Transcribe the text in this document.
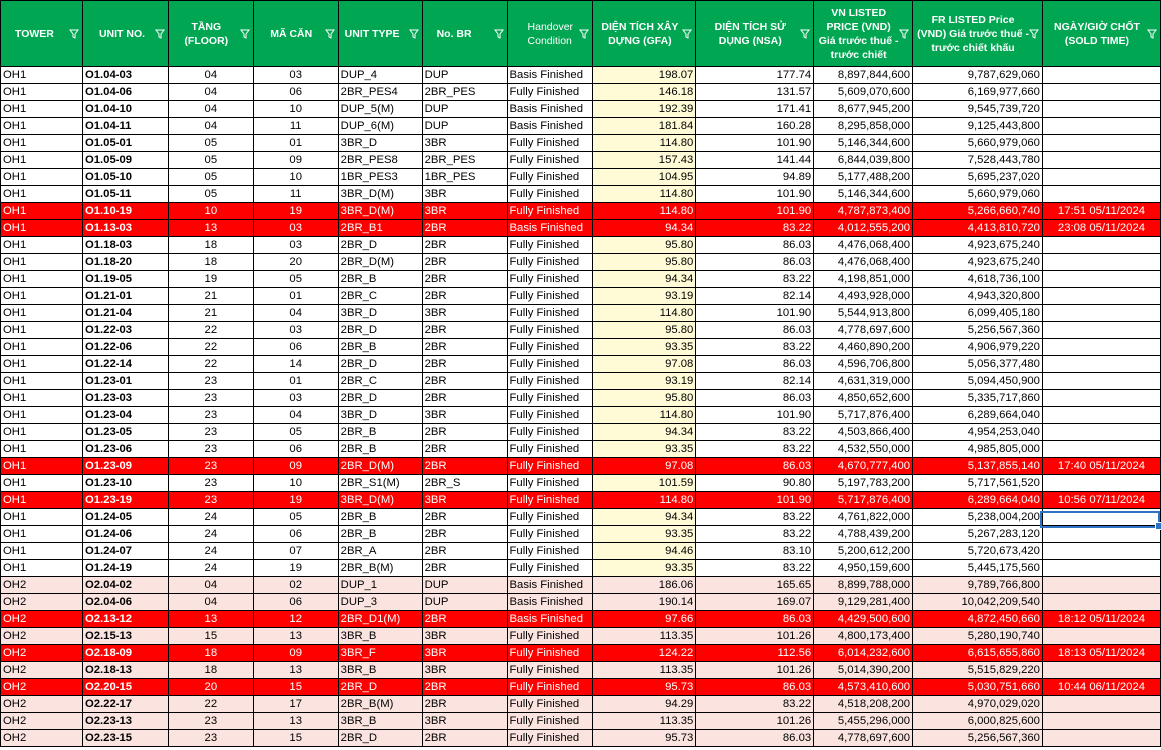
TOWER	UNIT NO.	TẦNG (FLOOR)	MÃ CĂN	UNIT TYPE	No. BR	Handover Condition	DIỆN TÍCH XÂY DỰNG (GFA)	DIỆN TÍCH SỬ DỤNG (NSA)	VN LISTED PRICE (VND) Giá trước thuế - trước chiết	FR LISTED Price (VND) Giá trước thuế - trước chiết khấu	NGÀY/GIỜ CHỐT (SOLD TIME)

OH1	O1.04-03	04	03	DUP_4	DUP	Basis Finished	198.07	177.74	8,897,844,600	9,787,629,060	
OH1	O1.04-06	04	06	2BR_PES4	2BR_PES	Fully Finished	146.18	131.57	5,609,070,600	6,169,977,660	
OH1	O1.04-10	04	10	DUP_5(M)	DUP	Basis Finished	192.39	171.41	8,677,945,200	9,545,739,720	
OH1	O1.04-11	04	11	DUP_6(M)	DUP	Basis Finished	181.84	160.28	8,295,858,000	9,125,443,800	
OH1	O1.05-01	05	01	3BR_D	3BR	Fully Finished	114.80	101.90	5,146,344,600	5,660,979,060	
OH1	O1.05-09	05	09	2BR_PES8	2BR_PES	Fully Finished	157.43	141.44	6,844,039,800	7,528,443,780	
OH1	O1.05-10	05	10	1BR_PES3	1BR_PES	Fully Finished	104.95	94.89	5,177,488,200	5,695,237,020	
OH1	O1.05-11	05	11	3BR_D(M)	3BR	Fully Finished	114.80	101.90	5,146,344,600	5,660,979,060	
OH1	O1.10-19	10	19	3BR_D(M)	3BR	Fully Finished	114.80	101.90	4,787,873,400	5,266,660,740	17:51 05/11/2024
OH1	O1.13-03	13	03	2BR_B1	2BR	Basis Finished	94.34	83.22	4,012,555,200	4,413,810,720	23:08 05/11/2024
OH1	O1.18-03	18	03	2BR_D	2BR	Fully Finished	95.80	86.03	4,476,068,400	4,923,675,240	
OH1	O1.18-20	18	20	2BR_D(M)	2BR	Fully Finished	95.80	86.03	4,476,068,400	4,923,675,240	
OH1	O1.19-05	19	05	2BR_B	2BR	Fully Finished	94.34	83.22	4,198,851,000	4,618,736,100	
OH1	O1.21-01	21	01	2BR_C	2BR	Fully Finished	93.19	82.14	4,493,928,000	4,943,320,800	
OH1	O1.21-04	21	04	3BR_D	3BR	Fully Finished	114.80	101.90	5,544,913,800	6,099,405,180	
OH1	O1.22-03	22	03	2BR_D	2BR	Fully Finished	95.80	86.03	4,778,697,600	5,256,567,360	
OH1	O1.22-06	22	06	2BR_B	2BR	Fully Finished	93.35	83.22	4,460,890,200	4,906,979,220	
OH1	O1.22-14	22	14	2BR_D	2BR	Fully Finished	97.08	86.03	4,596,706,800	5,056,377,480	
OH1	O1.23-01	23	01	2BR_C	2BR	Fully Finished	93.19	82.14	4,631,319,000	5,094,450,900	
OH1	O1.23-03	23	03	2BR_D	2BR	Fully Finished	95.80	86.03	4,850,652,600	5,335,717,860	
OH1	O1.23-04	23	04	3BR_D	3BR	Fully Finished	114.80	101.90	5,717,876,400	6,289,664,040	
OH1	O1.23-05	23	05	2BR_B	2BR	Fully Finished	94.34	83.22	4,503,866,400	4,954,253,040	
OH1	O1.23-06	23	06	2BR_B	2BR	Fully Finished	93.35	83.22	4,532,550,000	4,985,805,000	
OH1	O1.23-09	23	09	2BR_D(M)	2BR	Fully Finished	97.08	86.03	4,670,777,400	5,137,855,140	17:40 05/11/2024
OH1	O1.23-10	23	10	2BR_S1(M)	2BR_S	Fully Finished	101.59	90.80	5,197,783,200	5,717,561,520	
OH1	O1.23-19	23	19	3BR_D(M)	3BR	Fully Finished	114.80	101.90	5,717,876,400	6,289,664,040	10:56 07/11/2024
OH1	O1.24-05	24	05	2BR_B	2BR	Fully Finished	94.34	83.22	4,761,822,000	5,238,004,200	
OH1	O1.24-06	24	06	2BR_B	2BR	Fully Finished	93.35	83.22	4,788,439,200	5,267,283,120	
OH1	O1.24-07	24	07	2BR_A	2BR	Fully Finished	94.46	83.10	5,200,612,200	5,720,673,420	
OH1	O1.24-19	24	19	2BR_B(M)	2BR	Fully Finished	93.35	83.22	4,950,159,600	5,445,175,560	
OH2	O2.04-02	04	02	DUP_1	DUP	Basis Finished	186.06	165.65	8,899,788,000	9,789,766,800	
OH2	O2.04-06	04	06	DUP_3	DUP	Basis Finished	190.14	169.07	9,129,281,400	10,042,209,540	
OH2	O2.13-12	13	12	2BR_D1(M)	2BR	Basis Finished	97.66	86.03	4,429,500,600	4,872,450,660	18:12 05/11/2024
OH2	O2.15-13	15	13	3BR_B	3BR	Fully Finished	113.35	101.26	4,800,173,400	5,280,190,740	
OH2	O2.18-09	18	09	3BR_F	3BR	Fully Finished	124.22	112.56	6,014,232,600	6,615,655,860	18:13 05/11/2024
OH2	O2.18-13	18	13	3BR_B	3BR	Fully Finished	113.35	101.26	5,014,390,200	5,515,829,220	
OH2	O2.20-15	20	15	2BR_D	2BR	Fully Finished	95.73	86.03	4,573,410,600	5,030,751,660	10:44 06/11/2024
OH2	O2.22-17	22	17	2BR_B(M)	2BR	Fully Finished	94.29	83.22	4,518,208,200	4,970,029,020	
OH2	O2.23-13	23	13	3BR_B	3BR	Fully Finished	113.35	101.26	5,455,296,000	6,000,825,600	
OH2	O2.23-15	23	15	2BR_D	2BR	Fully Finished	95.73	86.03	4,778,697,600	5,256,567,360	
